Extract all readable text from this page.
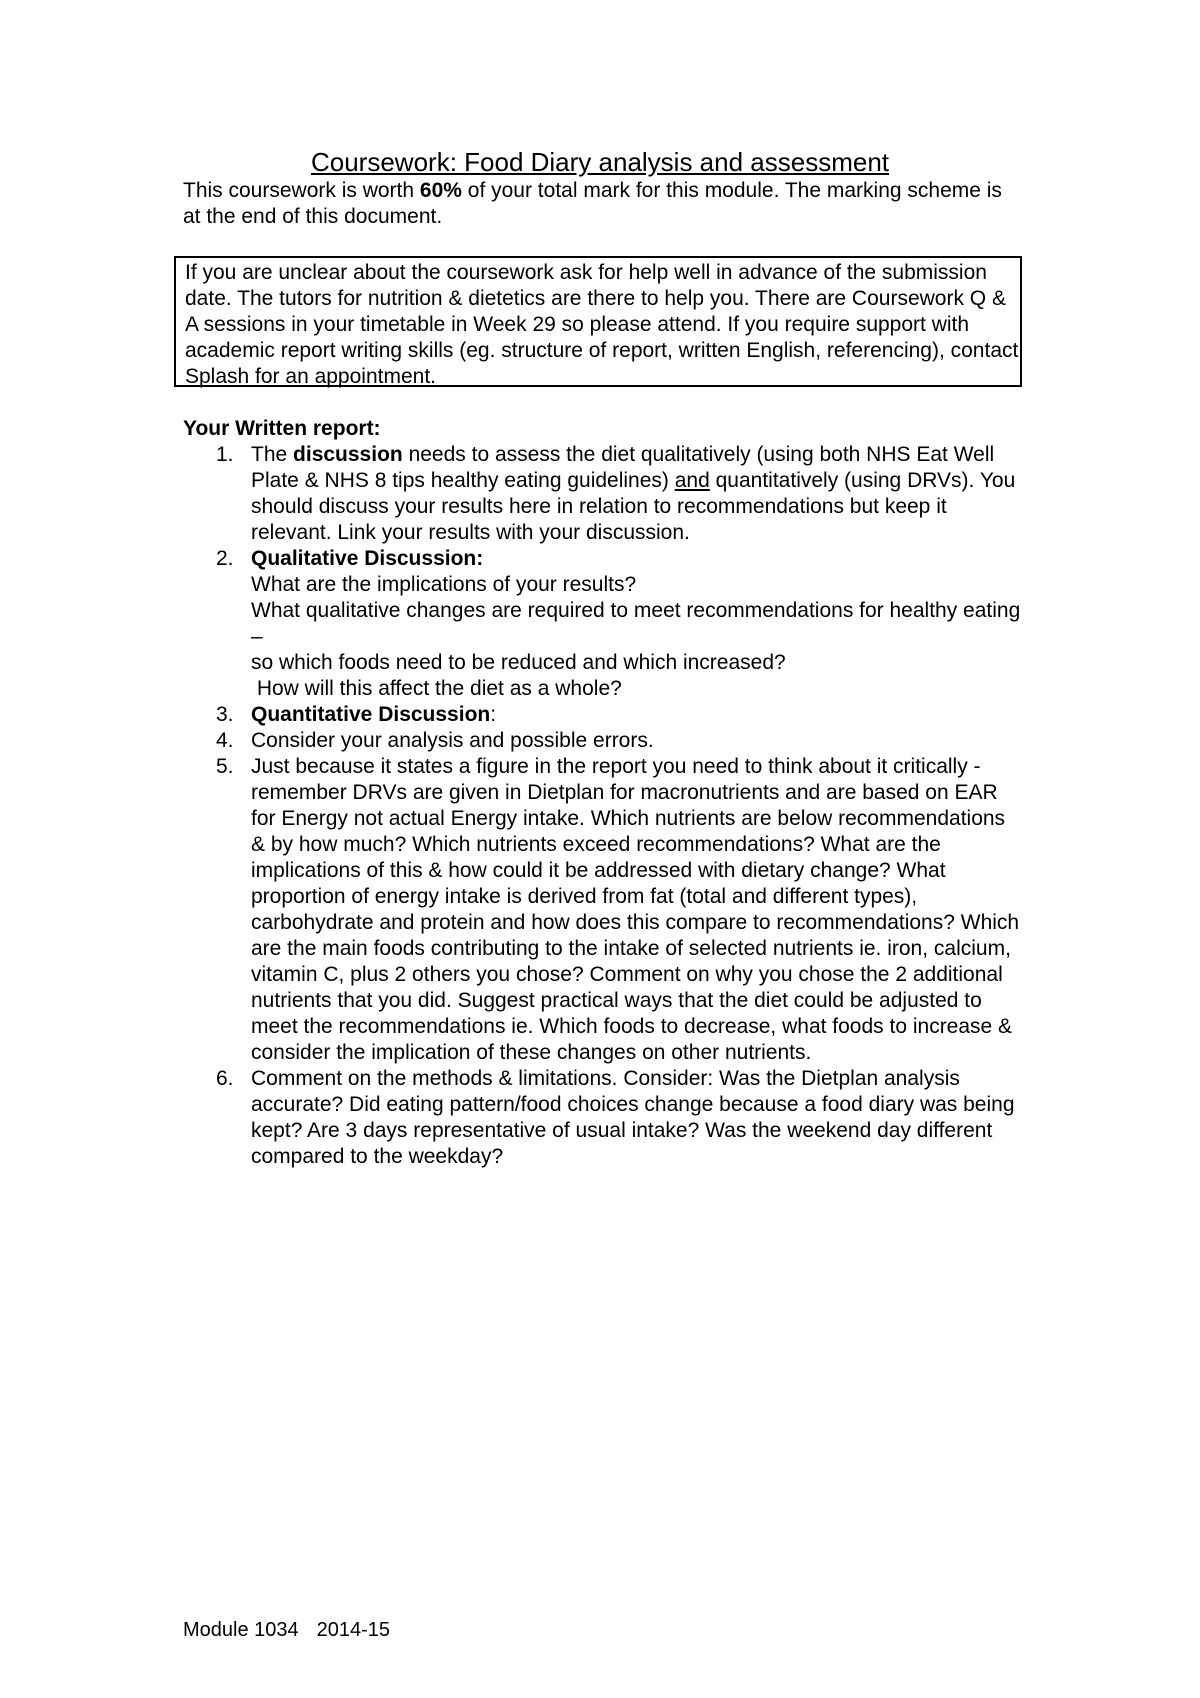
Coursework: Food Diary analysis and assessment
This coursework is worth 60% of your total mark for this module. The marking scheme is at the end of this document.

If you are unclear about the coursework ask for help well in advance of the submission date. The tutors for nutrition & dietetics are there to help you. There are Coursework Q & A sessions in your timetable in Week 29 so please attend. If you require support with academic report writing skills (eg. structure of report, written English, referencing), contact Splash for an appointment.

Your Written report:

1. The discussion needs to assess the diet qualitatively (using both NHS Eat Well Plate & NHS 8 tips healthy eating guidelines) and quantitatively (using DRVs). You should discuss your results here in relation to recommendations but keep it relevant. Link your results with your discussion.
2. Qualitative Discussion:
What are the implications of your results?
What qualitative changes are required to meet recommendations for healthy eating –
so which foods need to be reduced and which increased?
How will this affect the diet as a whole?
3. Quantitative Discussion:
4. Consider your analysis and possible errors.
5. Just because it states a figure in the report you need to think about it critically - remember DRVs are given in Dietplan for macronutrients and are based on EAR for Energy not actual Energy intake. Which nutrients are below recommendations & by how much? Which nutrients exceed recommendations? What are the implications of this & how could it be addressed with dietary change? What proportion of energy intake is derived from fat (total and different types), carbohydrate and protein and how does this compare to recommendations? Which are the main foods contributing to the intake of selected nutrients ie. iron, calcium, vitamin C, plus 2 others you chose? Comment on why you chose the 2 additional nutrients that you did. Suggest practical ways that the diet could be adjusted to meet the recommendations ie. Which foods to decrease, what foods to increase & consider the implication of these changes on other nutrients.
6. Comment on the methods & limitations. Consider: Was the Dietplan analysis accurate? Did eating pattern/food choices change because a food diary was being kept? Are 3 days representative of usual intake? Was the weekend day different compared to the weekday?
Module 1034 2014-15
